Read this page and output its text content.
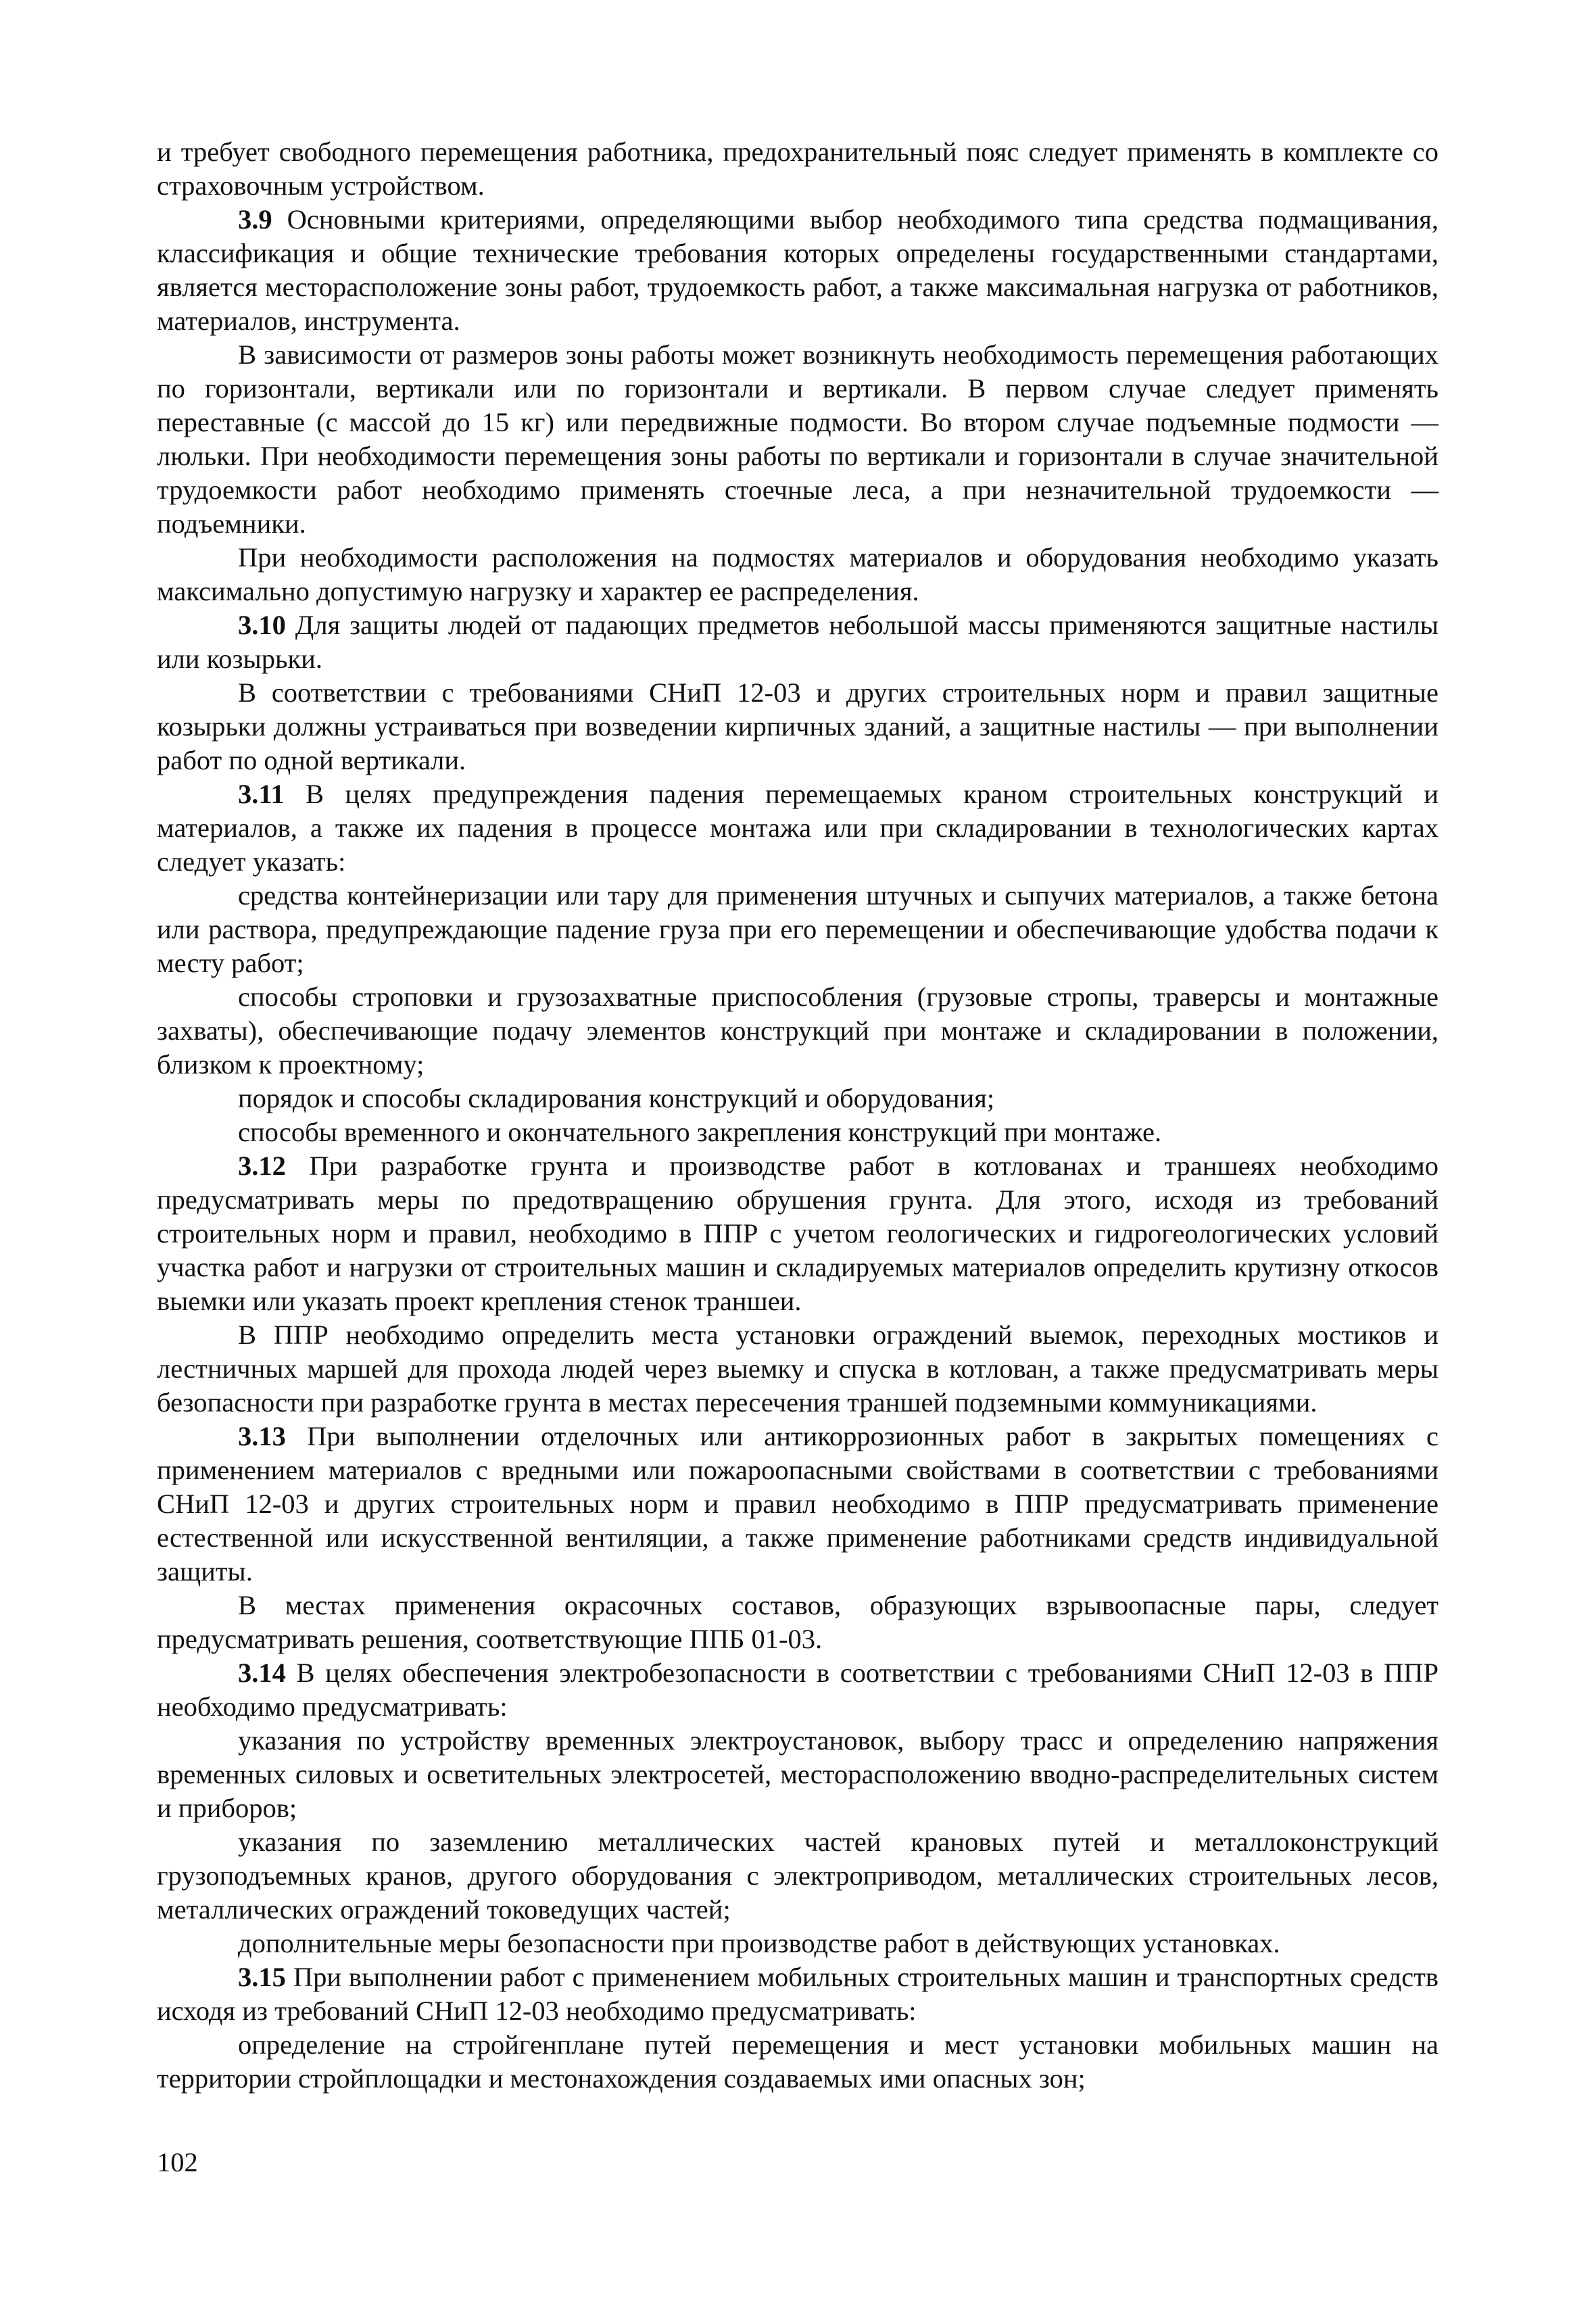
и требует свободного перемещения работника, предохранительный пояс следует применять в комплекте со страховочным устройством.

3.9 Основными критериями, определяющими выбор необходимого типа средства подмащивания, классификация и общие технические требования которых определены государственными стандартами, является месторасположение зоны работ, трудоемкость работ, а также максимальная нагрузка от работников, материалов, инструмента.

В зависимости от размеров зоны работы может возникнуть необходимость перемещения работающих по горизонтали, вертикали или по горизонтали и вертикали. В первом случае следует применять переставные (с массой до 15 кг) или передвижные подмости. Во втором случае подъемные подмости — люльки. При необходимости перемещения зоны работы по вертикали и горизонтали в случае значительной трудоемкости работ необходимо применять стоечные леса, а при незначительной трудоемкости — подъемники.

При необходимости расположения на подмостях материалов и оборудования необходимо указать максимально допустимую нагрузку и характер ее распределения.

3.10 Для защиты людей от падающих предметов небольшой массы применяются защитные настилы или козырьки.

В соответствии с требованиями СНиП 12-03 и других строительных норм и правил защитные козырьки должны устраиваться при возведении кирпичных зданий, а защитные настилы — при выполнении работ по одной вертикали.

3.11 В целях предупреждения падения перемещаемых краном строительных конструкций и материалов, а также их падения в процессе монтажа или при складировании в технологических картах следует указать:

средства контейнеризации или тару для применения штучных и сыпучих материалов, а также бетона или раствора, предупреждающие падение груза при его перемещении и обеспечивающие удобства подачи к месту работ;

способы строповки и грузозахватные приспособления (грузовые стропы, траверсы и монтажные захваты), обеспечивающие подачу элементов конструкций при монтаже и складировании в положении, близком к проектному;

порядок и способы складирования конструкций и оборудования;

способы временного и окончательного закрепления конструкций при монтаже.

3.12 При разработке грунта и производстве работ в котлованах и траншеях необходимо предусматривать меры по предотвращению обрушения грунта. Для этого, исходя из требований строительных норм и правил, необходимо в ППР с учетом геологических и гидрогеологических условий участка работ и нагрузки от строительных машин и складируемых материалов определить крутизну откосов выемки или указать проект крепления стенок траншеи.

В ППР необходимо определить места установки ограждений выемок, переходных мостиков и лестничных маршей для прохода людей через выемку и спуска в котлован, а также предусматривать меры безопасности при разработке грунта в местах пересечения траншей подземными коммуникациями.

3.13 При выполнении отделочных или антикоррозионных работ в закрытых помещениях с применением материалов с вредными или пожароопасными свойствами в соответствии с требованиями СНиП 12-03 и других строительных норм и правил необходимо в ППР предусматривать применение естественной или искусственной вентиляции, а также применение работниками средств индивидуальной защиты.

В местах применения окрасочных составов, образующих взрывоопасные пары, следует предусматривать решения, соответствующие ППБ 01-03.

3.14 В целях обеспечения электробезопасности в соответствии с требованиями СНиП 12-03 в ППР необходимо предусматривать:

указания по устройству временных электроустановок, выбору трасс и определению напряжения временных силовых и осветительных электросетей, месторасположению вводно-распределительных систем и приборов;

указания по заземлению металлических частей крановых путей и металлоконструкций грузоподъемных кранов, другого оборудования с электроприводом, металлических строительных лесов, металлических ограждений токоведущих частей;

дополнительные меры безопасности при производстве работ в действующих установках.

3.15 При выполнении работ с применением мобильных строительных машин и транспортных средств исходя из требований СНиП 12-03 необходимо предусматривать:

определение на стройгенплане путей перемещения и мест установки мобильных машин на территории стройплощадки и местонахождения создаваемых ими опасных зон;

102
